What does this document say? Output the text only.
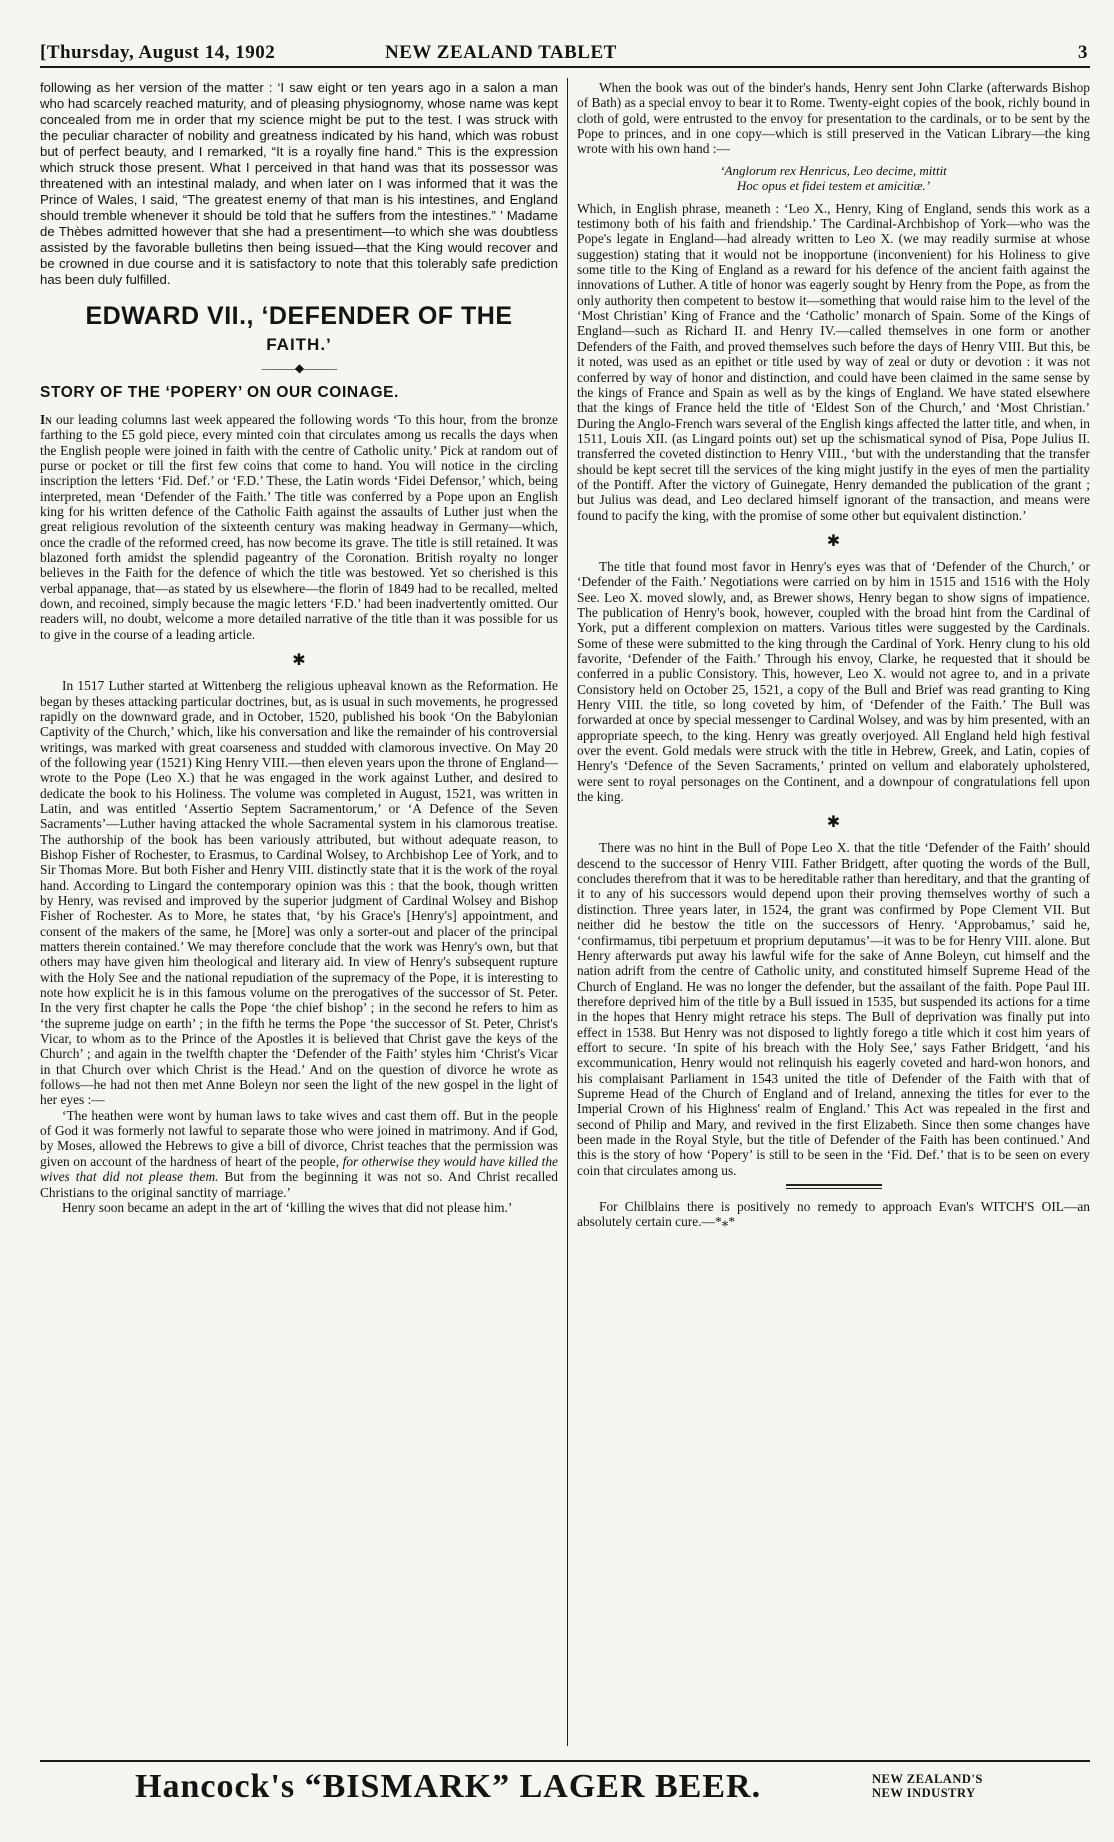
[Thursday, August 14, 1902	NEW ZEALAND TABLET	3

following as her version of the matter : ‘I saw eight or ten years ago in a salon a man who had scarcely reached maturity, and of pleasing physiognomy, whose name was kept concealed from me in order that my science might be put to the test. I was struck with the peculiar character of nobility and greatness indicated by his hand, which was robust but of perfect beauty, and I remarked, “It is a royally fine hand.” This is the expression which struck those present. What I perceived in that hand was that its possessor was threatened with an intestinal malady, and when later on I was informed that it was the Prince of Wales, I said, “The greatest enemy of that man is his intestines, and England should tremble whenever it should be told that he suffers from the intestines.” ’ Madame de Thèbes admitted however that she had a presentiment—to which she was doubtless assisted by the favorable bulletins then being issued—that the King would recover and be crowned in due course and it is satisfactory to note that this tolerably safe prediction has been duly fulfilled.

EDWARD VII., ‘DEFENDER OF THE
FAITH.’
———◆———
STORY OF THE ‘POPERY’ ON OUR COINAGE.

In our leading columns last week appeared the following words ‘To this hour, from the bronze farthing to the £5 gold piece, every minted coin that circulates among us recalls the days when the English people were joined in faith with the centre of Catholic unity.’ Pick at random out of purse or pocket or till the first few coins that come to hand. You will notice in the circling inscription the letters ‘Fid. Def.’ or ‘F.D.’ These, the Latin words ‘Fidei Defensor,’ which, being interpreted, mean ‘Defender of the Faith.’ The title was conferred by a Pope upon an English king for his written defence of the Catholic Faith against the assaults of Luther just when the great religious revolution of the sixteenth century was making headway in Germany—which, once the cradle of the reformed creed, has now become its grave. The title is still retained. It was blazoned forth amidst the splendid pageantry of the Coronation. British royalty no longer believes in the Faith for the defence of which the title was bestowed. Yet so cherished is this verbal appanage, that—as stated by us elsewhere—the florin of 1849 had to be recalled, melted down, and recoined, simply because the magic letters ‘F.D.’ had been inadvertently omitted. Our readers will, no doubt, welcome a more detailed narrative of the title than it was possible for us to give in the course of a leading article.

✱

In 1517 Luther started at Wittenberg the religious upheaval known as the Reformation. He began by theses attacking particular doctrines, but, as is usual in such movements, he progressed rapidly on the downward grade, and in October, 1520, published his book ‘On the Babylonian Captivity of the Church,’ which, like his conversation and like the remainder of his controversial writings, was marked with great coarseness and studded with clamorous invective. On May 20 of the following year (1521) King Henry VIII.—then eleven years upon the throne of England—wrote to the Pope (Leo X.) that he was engaged in the work against Luther, and desired to dedicate the book to his Holiness. The volume was completed in August, 1521, was written in Latin, and was entitled ‘Assertio Septem Sacramentorum,’ or ‘A Defence of the Seven Sacraments’—Luther having attacked the whole Sacramental system in his clamorous treatise. The authorship of the book has been variously attributed, but without adequate reason, to Bishop Fisher of Rochester, to Erasmus, to Cardinal Wolsey, to Archbishop Lee of York, and to Sir Thomas More. But both Fisher and Henry VIII. distinctly state that it is the work of the royal hand. According to Lingard the contemporary opinion was this : that the book, though written by Henry, was revised and improved by the superior judgment of Cardinal Wolsey and Bishop Fisher of Rochester. As to More, he states that, ‘by his Grace's [Henry's] appointment, and consent of the makers of the same, he [More] was only a sorter-out and placer of the principal matters therein contained.’ We may therefore conclude that the work was Henry's own, but that others may have given him theological and literary aid. In view of Henry's subsequent rupture with the Holy See and the national repudiation of the supremacy of the Pope, it is interesting to note how explicit he is in this famous volume on the prerogatives of the successor of St. Peter. In the very first chapter he calls the Pope ‘the chief bishop’ ; in the second he refers to him as ‘the supreme judge on earth’ ; in the fifth he terms the Pope ‘the successor of St. Peter, Christ's Vicar, to whom as to the Prince of the Apostles it is believed that Christ gave the keys of the Church’ ; and again in the twelfth chapter the ‘Defender of the Faith’ styles him ‘Christ's Vicar in that Church over which Christ is the Head.’ And on the question of divorce he wrote as follows—he had not then met Anne Boleyn nor seen the light of the new gospel in the light of her eyes :—

‘The heathen were wont by human laws to take wives and cast them off. But in the people of God it was formerly not lawful to separate those who were joined in matrimony. And if God, by Moses, allowed the Hebrews to give a bill of divorce, Christ teaches that the permission was given on account of the hardness of heart of the people, for otherwise they would have killed the wives that did not please them. But from the beginning it was not so. And Christ recalled Christians to the original sanctity of marriage.’

Henry soon became an adept in the art of ‘killing the wives that did not please him.’

When the book was out of the binder's hands, Henry sent John Clarke (afterwards Bishop of Bath) as a special envoy to bear it to Rome. Twenty-eight copies of the book, richly bound in cloth of gold, were entrusted to the envoy for presentation to the cardinals, or to be sent by the Pope to princes, and in one copy—which is still preserved in the Vatican Library—the king wrote with his own hand :—

‘Anglorum rex Henricus, Leo decime, mittit
Hoc opus et fidei testem et amicitiæ.’

Which, in English phrase, meaneth : ‘Leo X., Henry, King of England, sends this work as a testimony both of his faith and friendship.’ The Cardinal-Archbishop of York—who was the Pope's legate in England—had already written to Leo X. (we may readily surmise at whose suggestion) stating that it would not be inopportune (inconvenient) for his Holiness to give some title to the King of England as a reward for his defence of the ancient faith against the innovations of Luther. A title of honor was eagerly sought by Henry from the Pope, as from the only authority then competent to bestow it—something that would raise him to the level of the ‘Most Christian’ King of France and the ‘Catholic’ monarch of Spain. Some of the Kings of England—such as Richard II. and Henry IV.—called themselves in one form or another Defenders of the Faith, and proved themselves such before the days of Henry VIII. But this, be it noted, was used as an epithet or title used by way of zeal or duty or devotion : it was not conferred by way of honor and distinction, and could have been claimed in the same sense by the kings of France and Spain as well as by the kings of England. We have stated elsewhere that the kings of France held the title of ‘Eldest Son of the Church,’ and ‘Most Christian.’ During the Anglo-French wars several of the English kings affected the latter title, and when, in 1511, Louis XII. (as Lingard points out) set up the schismatical synod of Pisa, Pope Julius II. transferred the coveted distinction to Henry VIII., ‘but with the understanding that the transfer should be kept secret till the services of the king might justify in the eyes of men the partiality of the Pontiff. After the victory of Guinegate, Henry demanded the publication of the grant ; but Julius was dead, and Leo declared himself ignorant of the transaction, and means were found to pacify the king, with the promise of some other but equivalent distinction.’

✱

The title that found most favor in Henry's eyes was that of ‘Defender of the Church,’ or ‘Defender of the Faith.’ Negotiations were carried on by him in 1515 and 1516 with the Holy See. Leo X. moved slowly, and, as Brewer shows, Henry began to show signs of impatience. The publication of Henry's book, however, coupled with the broad hint from the Cardinal of York, put a different complexion on matters. Various titles were suggested by the Cardinals. Some of these were submitted to the king through the Cardinal of York. Henry clung to his old favorite, ‘Defender of the Faith.’ Through his envoy, Clarke, he requested that it should be conferred in a public Consistory. This, however, Leo X. would not agree to, and in a private Consistory held on October 25, 1521, a copy of the Bull and Brief was read granting to King Henry VIII. the title, so long coveted by him, of ‘Defender of the Faith.’ The Bull was forwarded at once by special messenger to Cardinal Wolsey, and was by him presented, with an appropriate speech, to the king. Henry was greatly overjoyed. All England held high festival over the event. Gold medals were struck with the title in Hebrew, Greek, and Latin, copies of Henry's ‘Defence of the Seven Sacraments,’ printed on vellum and elaborately upholstered, were sent to royal personages on the Continent, and a downpour of congratulations fell upon the king.

✱

There was no hint in the Bull of Pope Leo X. that the title ‘Defender of the Faith’ should descend to the successor of Henry VIII. Father Bridgett, after quoting the words of the Bull, concludes therefrom that it was to be hereditable rather than hereditary, and that the granting of it to any of his successors would depend upon their proving themselves worthy of such a distinction. Three years later, in 1524, the grant was confirmed by Pope Clement VII. But neither did he bestow the title on the successors of Henry. ‘Approbamus,’ said he, ‘confirmamus, tibi perpetuum et proprium deputamus’—it was to be for Henry VIII. alone. But Henry afterwards put away his lawful wife for the sake of Anne Boleyn, cut himself and the nation adrift from the centre of Catholic unity, and constituted himself Supreme Head of the Church of England. He was no longer the defender, but the assailant of the faith. Pope Paul III. therefore deprived him of the title by a Bull issued in 1535, but suspended its actions for a time in the hopes that Henry might retrace his steps. The Bull of deprivation was finally put into effect in 1538. But Henry was not disposed to lightly forego a title which it cost him years of effort to secure. ‘In spite of his breach with the Holy See,’ says Father Bridgett, ‘and his excommunication, Henry would not relinquish his eagerly coveted and hard-won honors, and his complaisant Parliament in 1543 united the title of Defender of the Faith with that of Supreme Head of the Church of England and of Ireland, annexing the titles for ever to the Imperial Crown of his Highness' realm of England.’ This Act was repealed in the first and second of Philip and Mary, and revived in the first Elizabeth. Since then some changes have been made in the Royal Style, but the title of Defender of the Faith has been continued.’ And this is the story of how ‘Popery’ is still to be seen in the ‘Fid. Def.’ that is to be seen on every coin that circulates among us.

For Chilblains there is positively no remedy to approach Evan's WITCH'S OIL—an absolutely certain cure.—*⁎*

Hancock's “BISMARK” LAGER BEER.	NEW ZEALAND'S
NEW INDUSTRY
